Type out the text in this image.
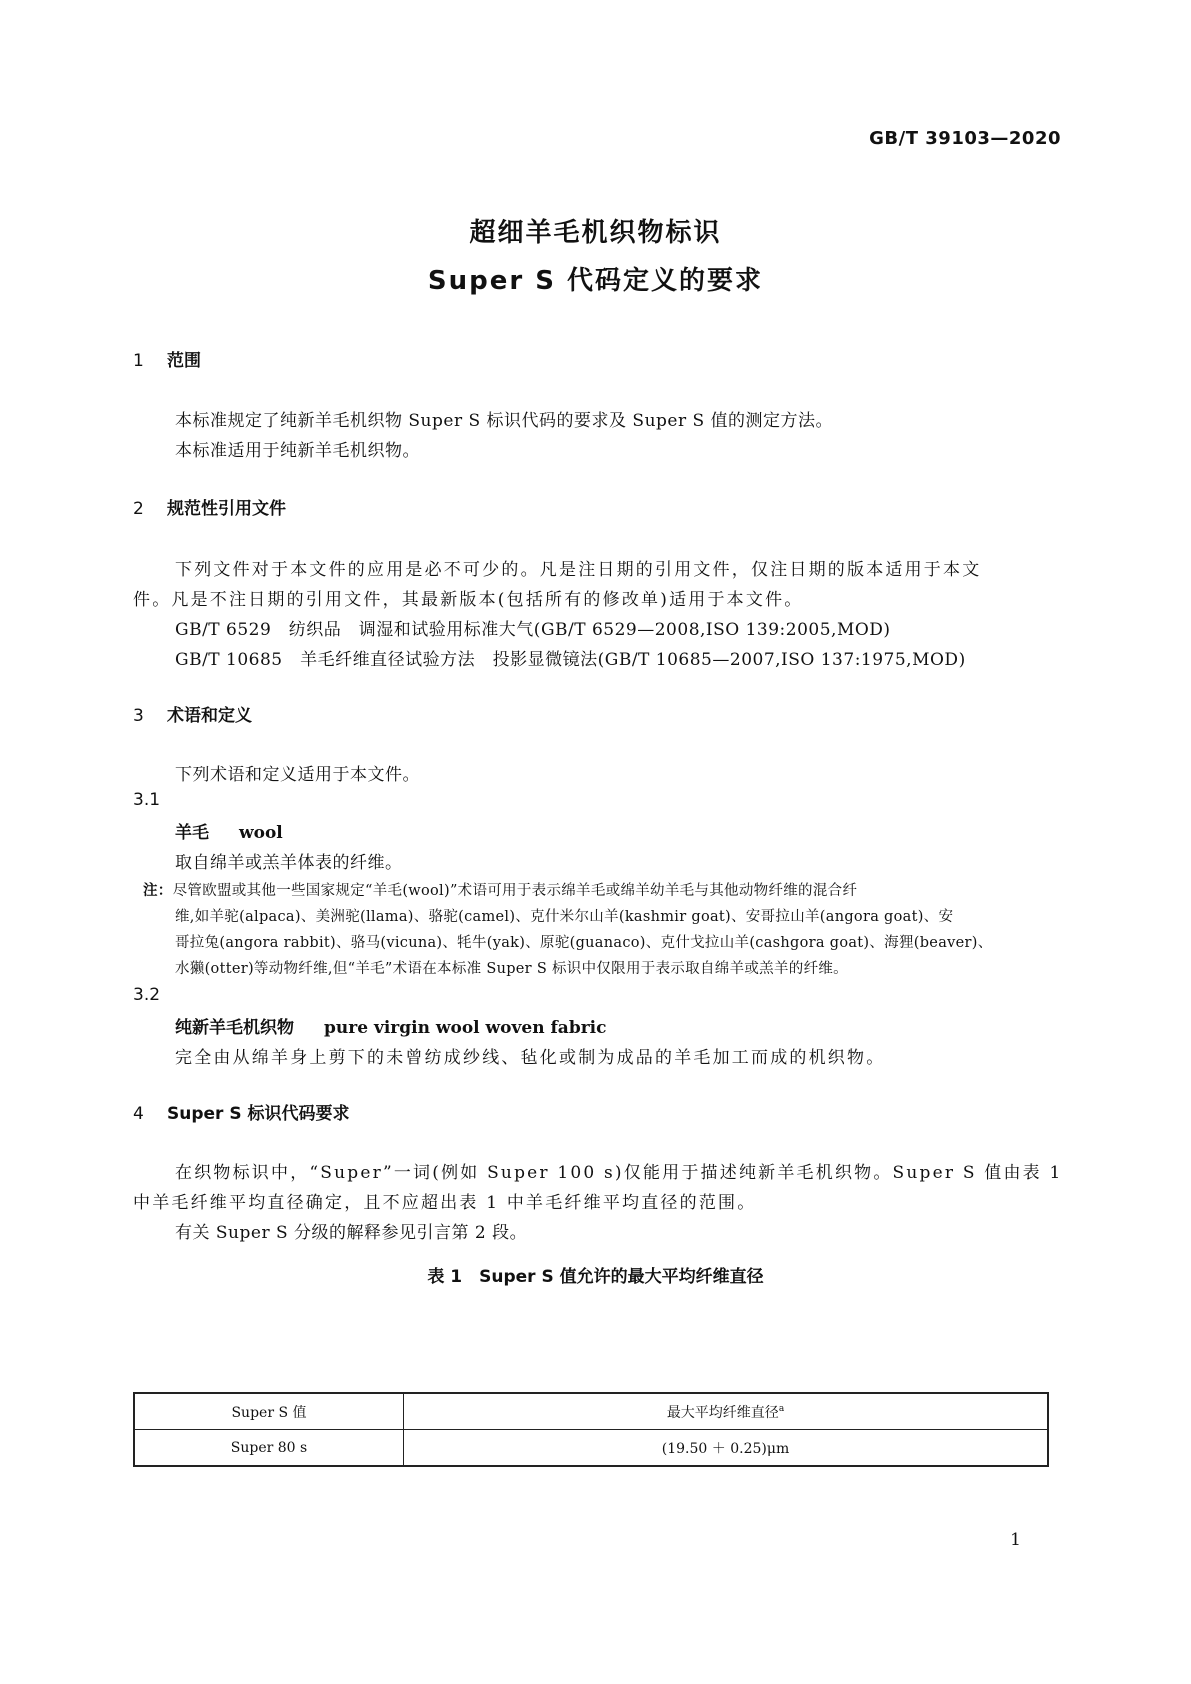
GB/T 39103—2020
超细羊毛机织物标识
Super S 代码定义的要求
1 范围
本标准规定了纯新羊毛机织物 Super S 标识代码的要求及 Super S 值的测定方法。
本标准适用于纯新羊毛机织物。
2 规范性引用文件
下列文件对于本文件的应用是必不可少的。凡是注日期的引用文件，仅注日期的版本适用于本文
件。凡是不注日期的引用文件，其最新版本(包括所有的修改单)适用于本文件。
GB/T 6529　纺织品　调湿和试验用标准大气(GB/T 6529—2008,ISO 139:2005,MOD)
GB/T 10685　羊毛纤维直径试验方法　投影显微镜法(GB/T 10685—2007,ISO 137:1975,MOD)
3 术语和定义
下列术语和定义适用于本文件。
3.1
羊毛 wool
取自绵羊或羔羊体表的纤维。
注：尽管欧盟或其他一些国家规定“羊毛(wool)”术语可用于表示绵羊毛或绵羊幼羊毛与其他动物纤维的混合纤
维,如羊驼(alpaca)、美洲驼(llama)、骆驼(camel)、克什米尔山羊(kashmir goat)、安哥拉山羊(angora goat)、安
哥拉兔(angora rabbit)、骆马(vicuna)、牦牛(yak)、原驼(guanaco)、克什戈拉山羊(cashgora goat)、海狸(beaver)、
水獭(otter)等动物纤维,但“羊毛”术语在本标准 Super S 标识中仅限用于表示取自绵羊或羔羊的纤维。
3.2
纯新羊毛机织物 pure virgin wool woven fabric
完全由从绵羊身上剪下的未曾纺成纱线、毡化或制为成品的羊毛加工而成的机织物。
4 Super S 标识代码要求
在织物标识中，“Super”一词(例如 Super 100 s)仅能用于描述纯新羊毛机织物。Super S 值由表 1
中羊毛纤维平均直径确定，且不应超出表 1 中羊毛纤维平均直径的范围。
有关 Super S 分级的解释参见引言第 2 段。
表 1　Super S 值允许的最大平均纤维直径
Super S 值	最大平均纤维直径$^a$
Super 80 s	(19.50 ＋ 0.25)μm
1
